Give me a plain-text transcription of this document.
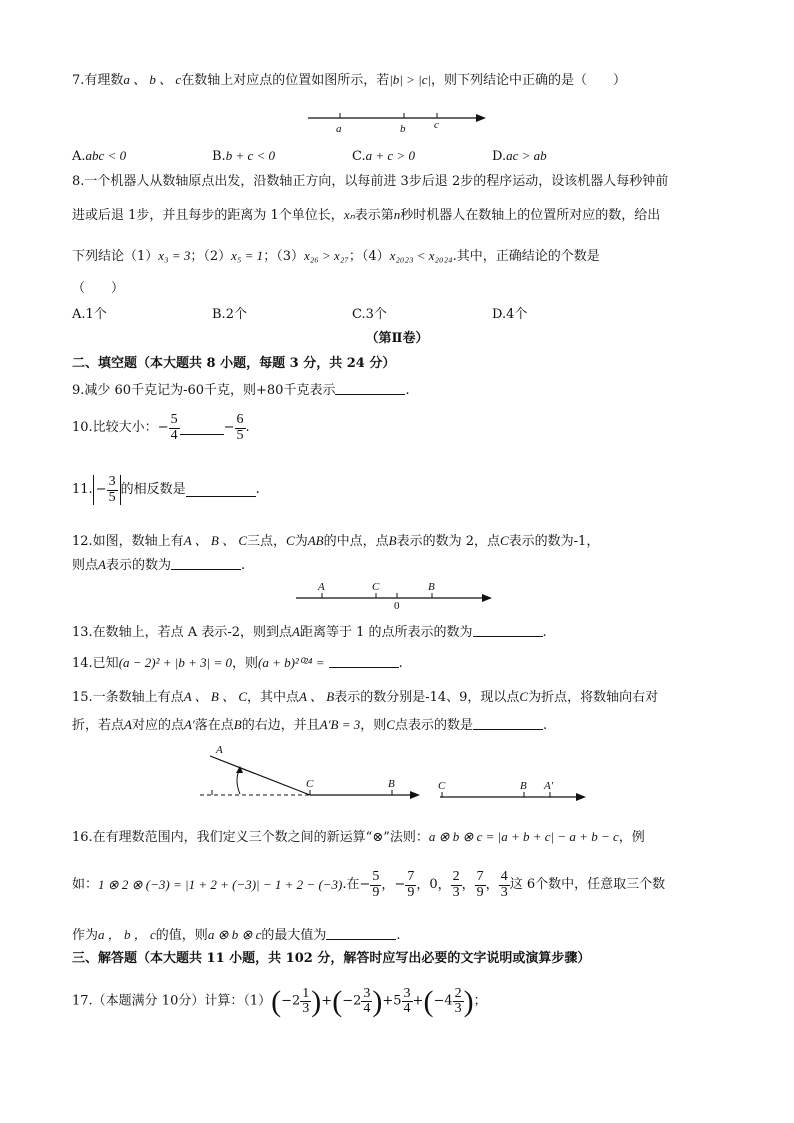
7.有理数a 、 b 、 c在数轴上对应点的位置如图所示，若|b| > |c|，则下列结论中正确的是（　　）
a	b	c
A.abc < 0	B.b + c < 0	C.a + c > 0	D.ac > ab
8.一个机器人从数轴原点出发，沿数轴正方向，以每前进 3步后退 2步的程序运动，设该机器人每秒钟前
进或后退 1步，并且每步的距离为 1个单位长，xₙ表示第n秒时机器人在数轴上的位置所对应的数，给出
下列结论（1）x₃ = 3；（2）x₅ = 1；（3）x₂₆ > x₂₇；（4）x₂₀₂₃ < x₂₀₂₄.其中，正确结论的个数是
（　　）
A.1个	B.2个	C.3个	D.4个
（第Ⅱ卷）
二、填空题（本大题共 8 小题，每题 3 分，共 24 分）
9.减少 60千克记为-60千克，则+80千克表示	.
10.比较大小：− $\frac{5}{4}$	− $\frac{6}{5}$ .
11. − $\frac{3}{5}$ 的相反数是	.
12.如图，数轴上有A 、 B 、 C三点，C为AB的中点，点B表示的数为 2，点C表示的数为-1，
则点A表示的数为	.
A	C	B
0
13.在数轴上，若点 A 表示-2，则到点A距离等于 1 的点所表示的数为	.
14.已知(a − 2)² + |b + 3| = 0，则(a + b)²⁰²⁴ =	.
15.一条数轴上有点A 、 B 、 C，其中点A 、 B表示的数分别是-14、9，现以点C为折点，将数轴向右对
折，若点A对应的点A′落在点B的右边，并且A′B = 3，则C点表示的数是	.
A
C	B	C	B A′
16.在有理数范围内，我们定义三个数之间的新运算“⊗”法则：a ⊗ b ⊗ c = |a + b + c| − a + b − c，例
如：1 ⊗ 2 ⊗ (−3) = |1 + 2 + (−3)| − 1 + 2 − (−3).在− $\frac{5}{9}$ ，− $\frac{7}{9}$ ，0， $\frac{2}{3}$ ， $\frac{7}{9}$ ， $\frac{4}{3}$ 这 6个数中，任意取三个数
作为a ， b ， c的值，则a ⊗ b ⊗ c的最大值为	.
三、解答题（本大题共 11 小题，共 102 分，解答时应写出必要的文字说明或演算步骤）
17.（本题满分 10分）计算：$(1)(-2 \frac{1}{3} )+(-2 \frac{3}{4} )+5 \frac{3}{4} +(-4 \frac{2}{3}$ )；
